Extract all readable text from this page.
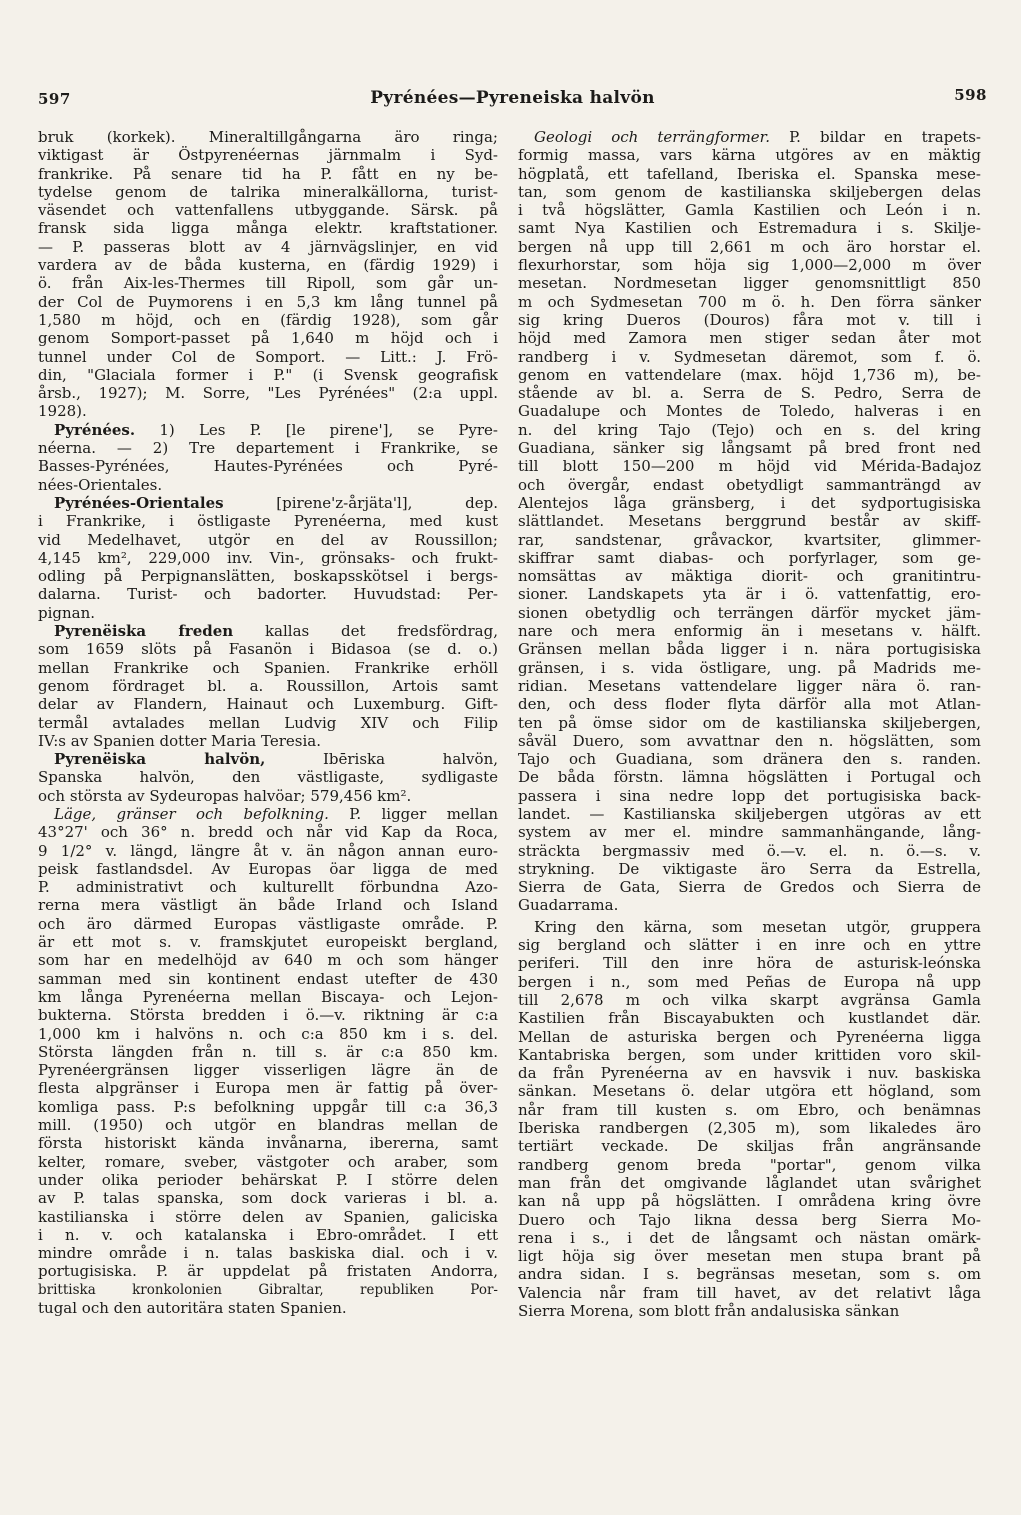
597	Pyrénées—Pyreneiska halvön	598
bruk (korkek). Mineraltillgångarna äro ringa;
viktigast är Östpyrenéernas järnmalm i Syd-
frankrike. På senare tid ha P. fått en ny be-
tydelse genom de talrika mineralkällorna, turist-
väsendet och vattenfallens utbyggande. Särsk. på
fransk sida ligga många elektr. kraftstationer.
— P. passeras blott av 4 järnvägslinjer, en vid
vardera av de båda kusterna, en (färdig 1929) i
ö. från Aix-les-Thermes till Ripoll, som går un-
der Col de Puymorens i en 5,3 km lång tunnel på
1,580 m höjd, och en (färdig 1928), som går
genom Somport-passet på 1,640 m höjd och i
tunnel under Col de Somport. — Litt.: J. Frö-
din, "Glaciala former i P." (i Svensk geografisk
årsb., 1927); M. Sorre, "Les Pyrénées" (2:a uppl.
1928).
Pyrénées. 1) Les P. [le pirene'], se Pyre-
néerna. — 2) Tre departement i Frankrike, se
Basses-Pyrénées, Hautes-Pyrénées och Pyré-
nées-Orientales.
Pyrénées-Orientales [pirene'z-årjäta'l], dep.
i Frankrike, i östligaste Pyrenéerna, med kust
vid Medelhavet, utgör en del av Roussillon;
4,145 km², 229,000 inv. Vin-, grönsaks- och frukt-
odling på Perpignanslätten, boskapsskötsel i bergs-
dalarna. Turist- och badorter. Huvudstad: Per-
pignan.
Pyrenëiska freden kallas det fredsfördrag,
som 1659 slöts på Fasanön i Bidasoa (se d. o.)
mellan Frankrike och Spanien. Frankrike erhöll
genom fördraget bl. a. Roussillon, Artois samt
delar av Flandern, Hainaut och Luxemburg. Gift-
termål avtalades mellan Ludvig XIV och Filip
IV:s av Spanien dotter Maria Teresia.
Pyrenëiska halvön, Ibēriska halvön,
Spanska halvön, den västligaste, sydligaste
och största av Sydeuropas halvöar; 579,456 km².
Läge, gränser och befolkning. P. ligger mellan
43°27' och 36° n. bredd och når vid Kap da Roca,
9 1/2° v. längd, längre åt v. än någon annan euro-
peisk fastlandsdel. Av Europas öar ligga de med
P. administrativt och kulturellt förbundna Azo-
rerna mera västligt än både Irland och Island
och äro därmed Europas västligaste område. P.
är ett mot s. v. framskjutet europeiskt bergland,
som har en medelhöjd av 640 m och som hänger
samman med sin kontinent endast utefter de 430
km långa Pyrenéerna mellan Biscaya- och Lejon-
bukterna. Största bredden i ö.—v. riktning är c:a
1,000 km i halvöns n. och c:a 850 km i s. del.
Största längden från n. till s. är c:a 850 km.
Pyrenéergränsen ligger visserligen lägre än de
flesta alpgränser i Europa men är fattig på över-
komliga pass. P:s befolkning uppgår till c:a 36,3
mill. (1950) och utgör en blandras mellan de
första historiskt kända invånarna, ibererna, samt
kelter, romare, sveber, västgoter och araber, som
under olika perioder behärskat P. I större delen
av P. talas spanska, som dock varieras i bl. a.
kastilianska i större delen av Spanien, galiciska
i n. v. och katalanska i Ebro-området. I ett
mindre område i n. talas baskiska dial. och i v.
portugisiska. P. är uppdelat på fristaten Andorra,
brittiska kronkolonien Gibraltar, republiken Por-
tugal och den autoritära staten Spanien.
Geologi och terrängformer. P. bildar en trapets-
formig massa, vars kärna utgöres av en mäktig
högplatå, ett tafelland, Iberiska el. Spanska mese-
tan, som genom de kastilianska skiljebergen delas
i två högslätter, Gamla Kastilien och León i n.
samt Nya Kastilien och Estremadura i s. Skilje-
bergen nå upp till 2,661 m och äro horstar el.
flexurhorstar, som höja sig 1,000—2,000 m över
mesetan. Nordmesetan ligger genomsnittligt 850
m och Sydmesetan 700 m ö. h. Den förra sänker
sig kring Dueros (Douros) fåra mot v. till i
höjd med Zamora men stiger sedan åter mot
randberg i v. Sydmesetan däremot, som f. ö.
genom en vattendelare (max. höjd 1,736 m), be-
stående av bl. a. Serra de S. Pedro, Serra de
Guadalupe och Montes de Toledo, halveras i en
n. del kring Tajo (Tejo) och en s. del kring
Guadiana, sänker sig långsamt på bred front ned
till blott 150—200 m höjd vid Mérida-Badajoz
och övergår, endast obetydligt sammanträngd av
Alentejos låga gränsberg, i det sydportugisiska
slättlandet. Mesetans berggrund består av skiff-
rar, sandstenar, gråvackor, kvartsiter, glimmer-
skiffrar samt diabas- och porfyrlager, som ge-
nomsättas av mäktiga diorit- och granitintru-
sioner. Landskapets yta är i ö. vattenfattig, ero-
sionen obetydlig och terrängen därför mycket jäm-
nare och mera enformig än i mesetans v. hälft.
Gränsen mellan båda ligger i n. nära portugisiska
gränsen, i s. vida östligare, ung. på Madrids me-
ridian. Mesetans vattendelare ligger nära ö. ran-
den, och dess floder flyta därför alla mot Atlan-
ten på ömse sidor om de kastilianska skiljebergen,
såväl Duero, som avvattnar den n. högslätten, som
Tajo och Guadiana, som dränera den s. randen.
De båda förstn. lämna högslätten i Portugal och
passera i sina nedre lopp det portugisiska back-
landet. — Kastilianska skiljebergen utgöras av ett
system av mer el. mindre sammanhängande, lång-
sträckta bergmassiv med ö.—v. el. n. ö.—s. v.
strykning. De viktigaste äro Serra da Estrella,
Sierra de Gata, Sierra de Gredos och Sierra de
Guadarrama.
Kring den kärna, som mesetan utgör, gruppera
sig bergland och slätter i en inre och en yttre
periferi. Till den inre höra de asturisk-leónska
bergen i n., som med Peñas de Europa nå upp
till 2,678 m och vilka skarpt avgränsa Gamla
Kastilien från Biscayabukten och kustlandet där.
Mellan de asturiska bergen och Pyrenéerna ligga
Kantabriska bergen, som under krittiden voro skil-
da från Pyrenéerna av en havsvik i nuv. baskiska
sänkan. Mesetans ö. delar utgöra ett högland, som
når fram till kusten s. om Ebro, och benämnas
Iberiska randbergen (2,305 m), som likaledes äro
tertiärt veckade. De skiljas från angränsande
randberg genom breda "portar", genom vilka
man från det omgivande låglandet utan svårighet
kan nå upp på högslätten. I områdena kring övre
Duero och Tajo likna dessa berg Sierra Mo-
rena i s., i det de långsamt och nästan omärk-
ligt höja sig över mesetan men stupa brant på
andra sidan. I s. begränsas mesetan, som s. om
Valencia når fram till havet, av det relativt låga
Sierra Morena, som blott från andalusiska sänkan
